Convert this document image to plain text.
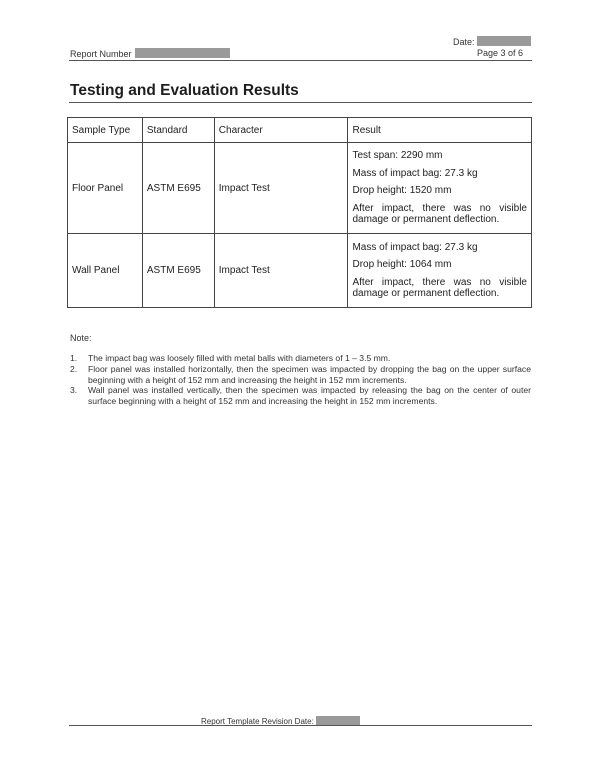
Date:
Page 3 of 6
Report Number
Testing and Evaluation Results
Sample Type	Standard	Character	Result
Floor Panel	ASTM E695	Impact Test	Test span: 2290 mm
Mass of impact bag: 27.3 kg
Drop height: 1520 mm
After impact, there was no visible damage or permanent deflection.

Wall Panel	ASTM E695	Impact Test	Mass of impact bag: 27.3 kg
Drop height: 1064 mm
After impact, there was no visible damage or permanent deflection.
Note:
1.	The impact bag was loosely filled with metal balls with diameters of 1 – 3.5 mm.
2.	Floor panel was installed horizontally, then the specimen was impacted by dropping the bag on the upper surface beginning with a height of 152 mm and increasing the height in 152 mm increments.
3.	Wall panel was installed vertically, then the specimen was impacted by releasing the bag on the center of outer surface beginning with a height of 152 mm and increasing the height in 152 mm increments.
Report Template Revision Date:
